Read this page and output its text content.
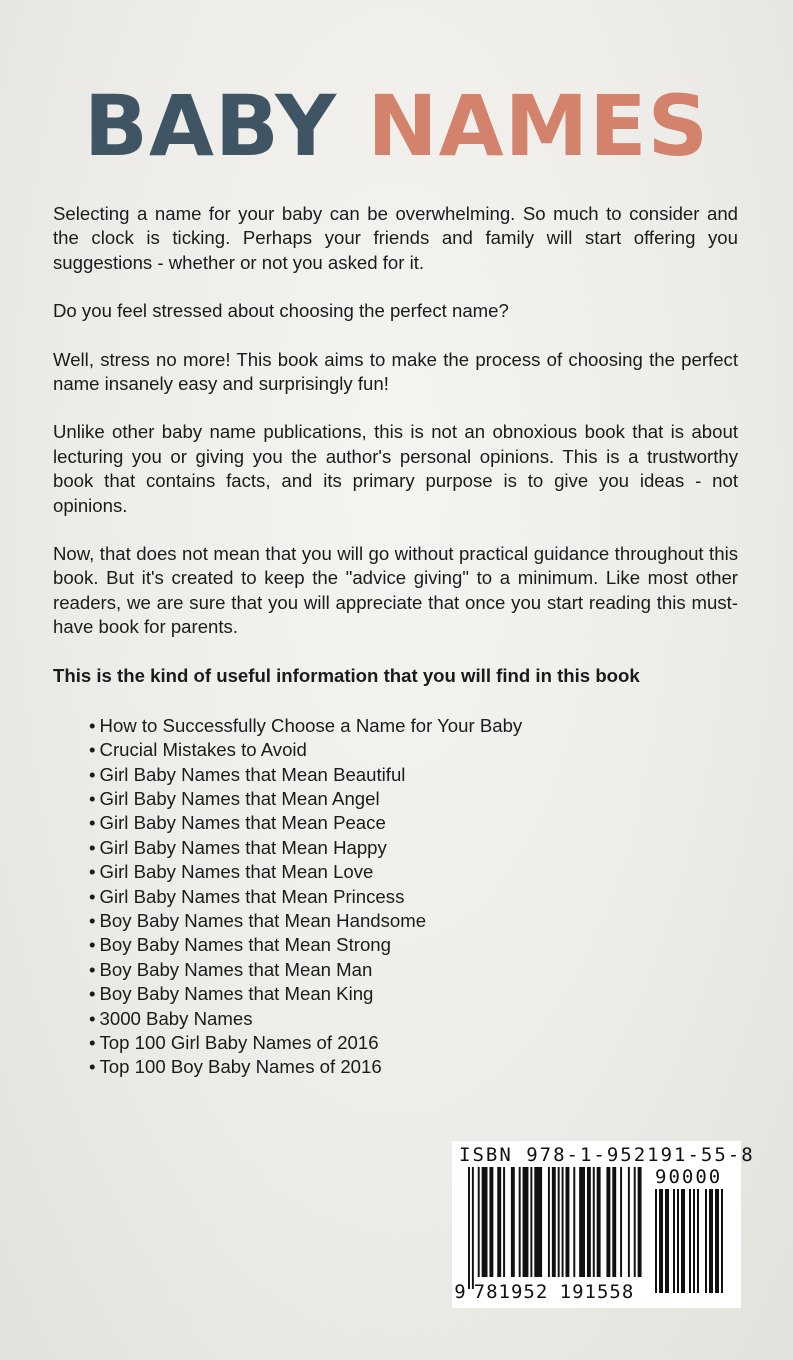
BABY NAMES

Selecting a name for your baby can be overwhelming. So much to consider and the clock is ticking. Perhaps your friends and family will start offering you suggestions - whether or not you asked for it.

Do you feel stressed about choosing the perfect name?

Well, stress no more! This book aims to make the process of choosing the perfect name insanely easy and surprisingly fun!

Unlike other baby name publications, this is not an obnoxious book that is about lecturing you or giving you the author's personal opinions. This is a trustworthy book that contains facts, and its primary purpose is to give you ideas - not opinions.

Now, that does not mean that you will go without practical guidance throughout this book. But it's created to keep the "advice giving" to a minimum. Like most other readers, we are sure that you will appreciate that once you start reading this must-have book for parents.

This is the kind of useful information that you will find in this book
• How to Successfully Choose a Name for Your Baby
• Crucial Mistakes to Avoid
• Girl Baby Names that Mean Beautiful
• Girl Baby Names that Mean Angel
• Girl Baby Names that Mean Peace
• Girl Baby Names that Mean Happy
• Girl Baby Names that Mean Love
• Girl Baby Names that Mean Princess
• Boy Baby Names that Mean Handsome
• Boy Baby Names that Mean Strong
• Boy Baby Names that Mean Man
• Boy Baby Names that Mean King
• 3000 Baby Names
• Top 100 Girl Baby Names of 2016
• Top 100 Boy Baby Names of 2016
ISBN 978-1-952191-55-8
90000
9 781952 191558
